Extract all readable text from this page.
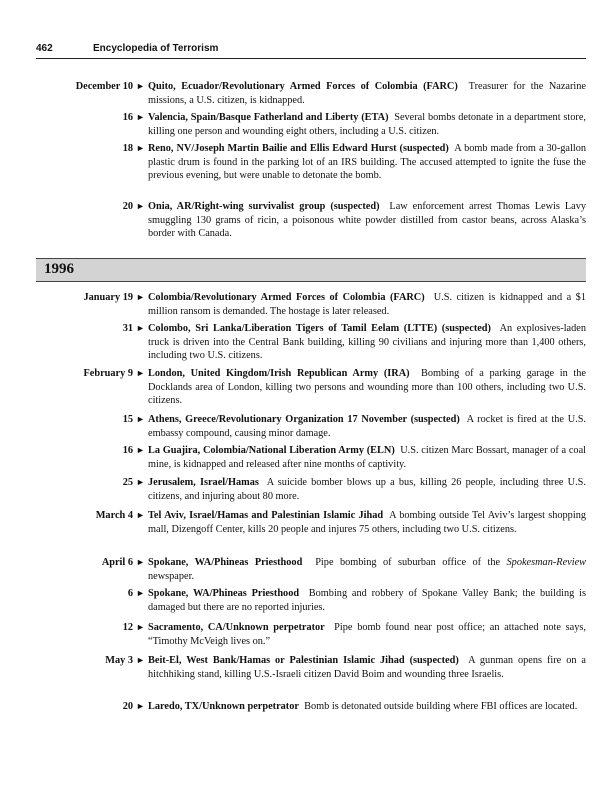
462	Encyclopedia of Terrorism
December 10 ► Quito, Ecuador/Revolutionary Armed Forces of Colombia (FARC) Treasurer for the Nazarine missions, a U.S. citizen, is kidnapped.
16 ► Valencia, Spain/Basque Fatherland and Liberty (ETA) Several bombs detonate in a department store, killing one person and wounding eight others, including a U.S. citizen.
18 ► Reno, NV/Joseph Martin Bailie and Ellis Edward Hurst (suspected) A bomb made from a 30-gallon plastic drum is found in the parking lot of an IRS building. The accused attempted to ignite the fuse the previous evening, but were unable to detonate the bomb.
20 ► Onia, AR/Right-wing survivalist group (suspected) Law enforcement arrest Thomas Lewis Lavy smuggling 130 grams of ricin, a poisonous white powder distilled from castor beans, across Alaska’s border with Canada.
1996
January 19 ► Colombia/Revolutionary Armed Forces of Colombia (FARC) U.S. citizen is kidnapped and a $1 million ransom is demanded. The hostage is later released.
31 ► Colombo, Sri Lanka/Liberation Tigers of Tamil Eelam (LTTE) (suspected) An explosives-laden truck is driven into the Central Bank building, killing 90 civilians and injuring more than 1,400 others, including two U.S. citizens.
February 9 ► London, United Kingdom/Irish Republican Army (IRA) Bombing of a parking garage in the Docklands area of London, killing two persons and wounding more than 100 others, including two U.S. citizens.
15 ► Athens, Greece/Revolutionary Organization 17 November (suspected) A rocket is fired at the U.S. embassy compound, causing minor damage.
16 ► La Guajira, Colombia/National Liberation Army (ELN) U.S. citizen Marc Bossart, manager of a coal mine, is kidnapped and released after nine months of captivity.
25 ► Jerusalem, Israel/Hamas A suicide bomber blows up a bus, killing 26 people, including three U.S. citizens, and injuring about 80 more.
March 4 ► Tel Aviv, Israel/Hamas and Palestinian Islamic Jihad A bombing outside Tel Aviv’s largest shopping mall, Dizengoff Center, kills 20 people and injures 75 others, including two U.S. citizens.
April 6 ► Spokane, WA/Phineas Priesthood Pipe bombing of suburban office of the Spokesman-Review newspaper.
6 ► Spokane, WA/Phineas Priesthood Bombing and robbery of Spokane Valley Bank; the building is damaged but there are no reported injuries.
12 ► Sacramento, CA/Unknown perpetrator Pipe bomb found near post office; an attached note says, “Timothy McVeigh lives on.”
May 3 ► Beit-El, West Bank/Hamas or Palestinian Islamic Jihad (suspected) A gunman opens fire on a hitchhiking stand, killing U.S.-Israeli citizen David Boim and wounding three Israelis.
20 ► Laredo, TX/Unknown perpetrator Bomb is detonated outside building where FBI offices are located.
